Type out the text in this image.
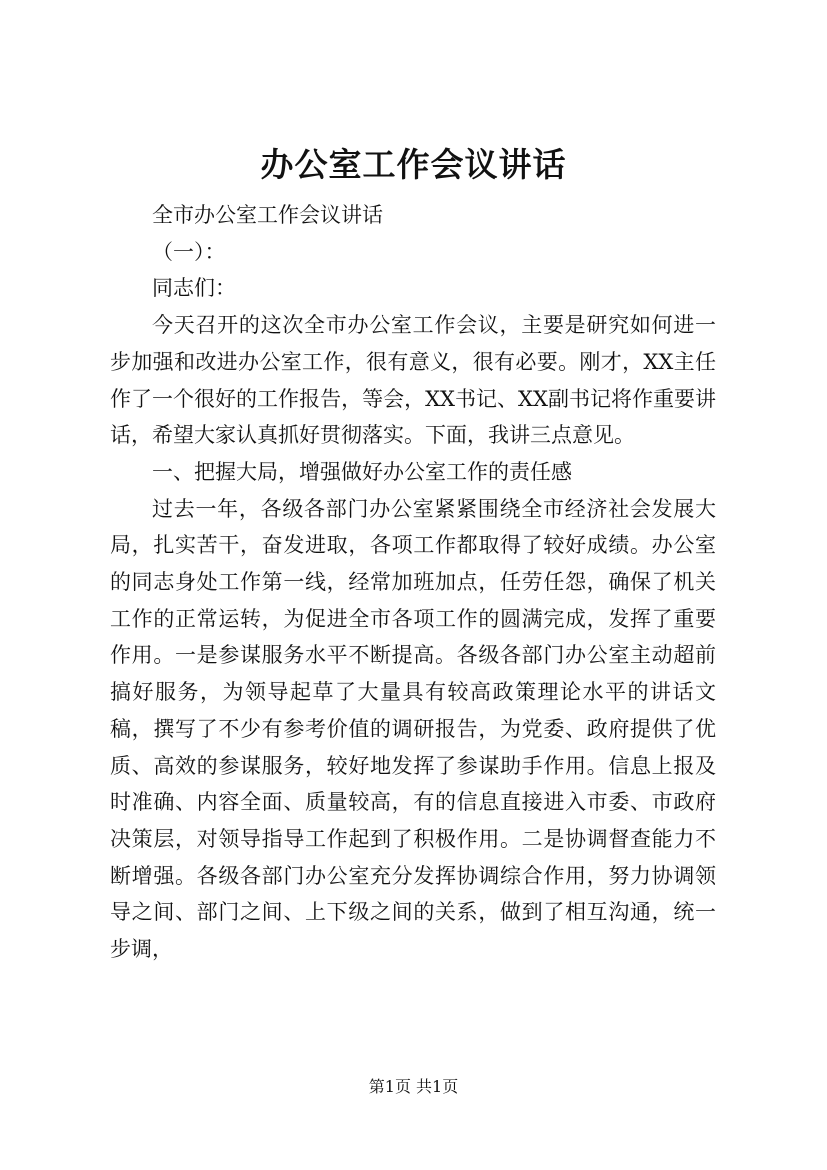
办公室工作会议讲话

全市办公室工作会议讲话

（一）：

同志们：

今天召开的这次全市办公室工作会议，主要是研究如何进一步加强和改进办公室工作，很有意义，很有必要。刚才，XX主任作了一个很好的工作报告，等会，XX书记、XX副书记将作重要讲话，希望大家认真抓好贯彻落实。下面，我讲三点意见。

一、把握大局，增强做好办公室工作的责任感

过去一年，各级各部门办公室紧紧围绕全市经济社会发展大局，扎实苦干，奋发进取，各项工作都取得了较好成绩。办公室的同志身处工作第一线，经常加班加点，任劳任怨，确保了机关工作的正常运转，为促进全市各项工作的圆满完成，发挥了重要作用。一是参谋服务水平不断提高。各级各部门办公室主动超前搞好服务，为领导起草了大量具有较高政策理论水平的讲话文稿，撰写了不少有参考价值的调研报告，为党委、政府提供了优质、高效的参谋服务，较好地发挥了参谋助手作用。信息上报及时准确、内容全面、质量较高，有的信息直接进入市委、市政府决策层，对领导指导工作起到了积极作用。二是协调督查能力不断增强。各级各部门办公室充分发挥协调综合作用，努力协调领导之间、部门之间、上下级之间的关系，做到了相互沟通，统一步调，

第1页 共1页
